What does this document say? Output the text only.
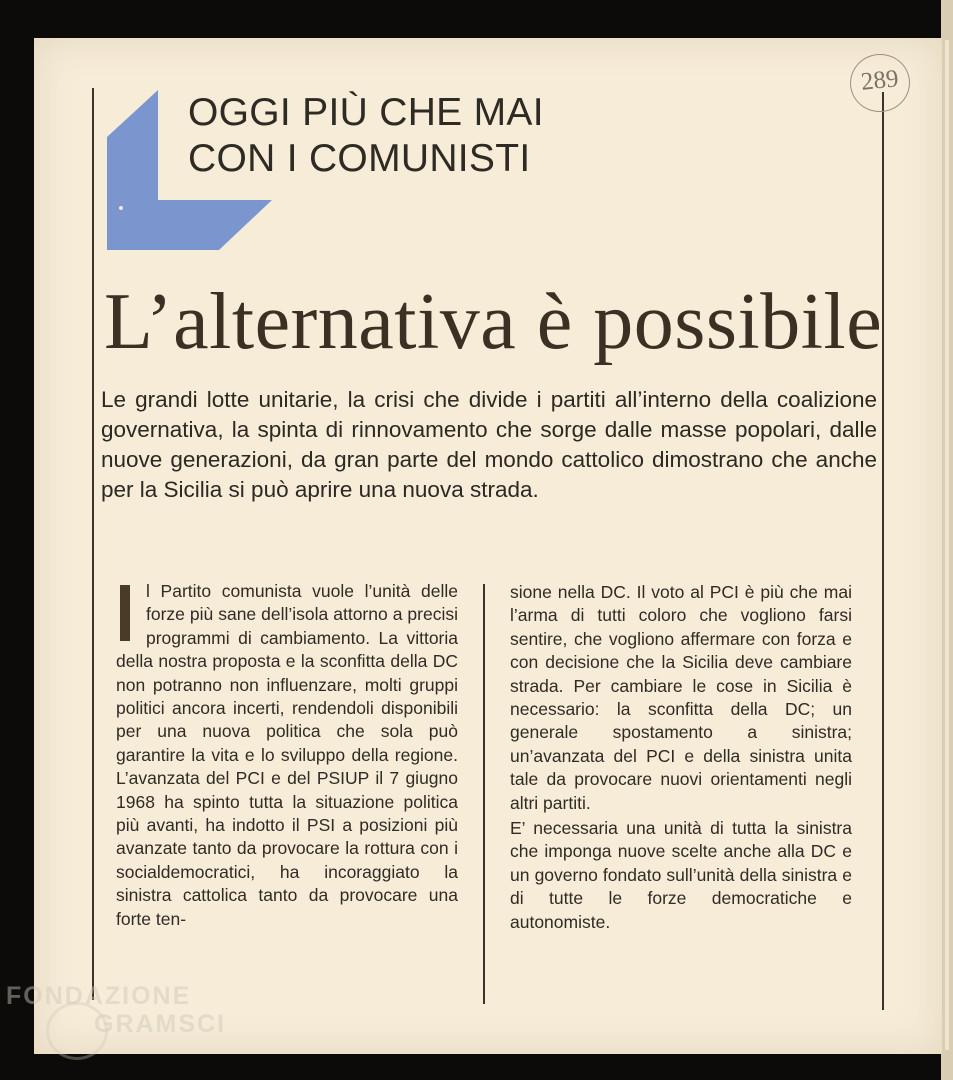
289
OGGI PIÙ CHE MAI
CON I COMUNISTI
L’alternativa è possibile

Le grandi lotte unitarie, la crisi che divide i partiti all’interno della coalizione governativa, la spinta di rinnovamento che sorge dalle masse popolari, dalle nuove generazioni, da gran parte del mondo cattolico dimostrano che anche per la Sicilia si può aprire una nuova strada.

l Partito comunista vuole l’unità delle forze più sane dell’isola attorno a precisi programmi di cambiamento. La vittoria della nostra proposta e la sconfitta della DC non potranno non influenzare, molti gruppi politici ancora incerti, rendendoli disponibili per una nuova politica che sola può garantire la vita e lo sviluppo della regione. L’avanzata del PCI e del PSIUP il 7 giugno 1968 ha spinto tutta la situazione politica più avanti, ha indotto il PSI a posizioni più avanzate tanto da provocare la rottura con i socialdemocratici, ha incoraggiato la sinistra cattolica tanto da provocare una forte ten-

sione nella DC. Il voto al PCI è più che mai l’arma di tutti coloro che vogliono farsi sentire, che vogliono affermare con forza e con decisione che la Sicilia deve cambiare strada. Per cambiare le cose in Sicilia è necessario: la sconfitta della DC; un generale spostamento a sinistra; un’avanzata del PCI e della sinistra unita tale da provocare nuovi orientamenti negli altri partiti.

E’ necessaria una unità di tutta la sinistra che imponga nuove scelte anche alla DC e un governo fondato sull’unità della sinistra e di tutte le forze democratiche e autonomiste.

FONDAZIONE
GRAMSCI
